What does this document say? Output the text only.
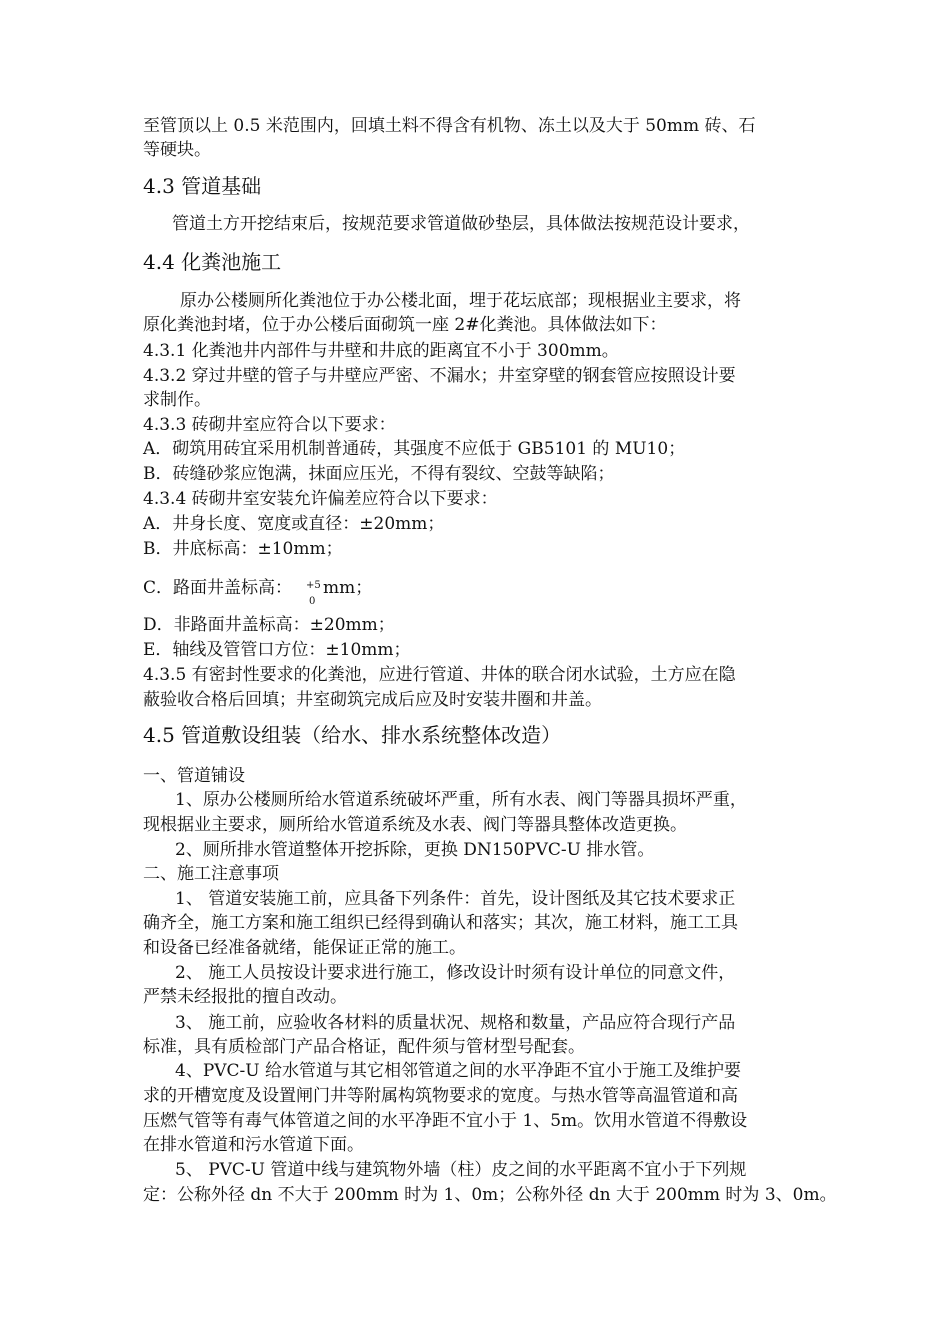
至管顶以上 0.5 米范围内，回填土料不得含有机物、冻土以及大于 50mm 砖、石
等硬块。
4.3 管道基础
管道土方开挖结束后，按规范要求管道做砂垫层，具体做法按规范设计要求，
4.4 化粪池施工
原办公楼厕所化粪池位于办公楼北面，埋于花坛底部；现根据业主要求，将
原化粪池封堵，位于办公楼后面砌筑一座 2#化粪池。具体做法如下：
4.3.1 化粪池井内部件与井壁和井底的距离宜不小于 300mm。
4.3.2 穿过井壁的管子与井壁应严密、不漏水；井室穿壁的钢套管应按照设计要
求制作。
4.3.3 砖砌井室应符合以下要求：
A．砌筑用砖宜采用机制普通砖，其强度不应低于 GB5101 的 MU10；
B．砖缝砂浆应饱满，抹面应压光，不得有裂纹、空鼓等缺陷；
4.3.4 砖砌井室安装允许偏差应符合以下要求：
A．井身长度、宽度或直径：±20mm；
B．井底标高：±10mm；
C．路面井盖标高：	+5
0
mm；
D．非路面井盖标高：±20mm；
E．轴线及管管口方位：±10mm；
4.3.5 有密封性要求的化粪池，应进行管道、井体的联合闭水试验，土方应在隐
蔽验收合格后回填；井室砌筑完成后应及时安装井圈和井盖。
4.5 管道敷设组装（给水、排水系统整体改造）
一、管道铺设
1、原办公楼厕所给水管道系统破坏严重，所有水表、阀门等器具损坏严重，
现根据业主要求，厕所给水管道系统及水表、阀门等器具整体改造更换。
2、厕所排水管道整体开挖拆除，更换 DN150PVC-U 排水管。
二、施工注意事项
1、 管道安装施工前，应具备下列条件：首先，设计图纸及其它技术要求正
确齐全，施工方案和施工组织已经得到确认和落实；其次，施工材料，施工工具
和设备已经准备就绪，能保证正常的施工。
2、 施工人员按设计要求进行施工，修改设计时须有设计单位的同意文件，
严禁未经报批的擅自改动。
3、 施工前，应验收各材料的质量状况、规格和数量，产品应符合现行产品
标准，具有质检部门产品合格证，配件须与管材型号配套。
4、PVC-U 给水管道与其它相邻管道之间的水平净距不宜小于施工及维护要
求的开槽宽度及设置闸门井等附属构筑物要求的宽度。与热水管等高温管道和高
压燃气管等有毒气体管道之间的水平净距不宜小于 1、5m。饮用水管道不得敷设
在排水管道和污水管道下面。
5、 PVC-U 管道中线与建筑物外墙（柱）皮之间的水平距离不宜小于下列规
定：公称外径 dn 不大于 200mm 时为 1、0m；公称外径 dn 大于 200mm 时为 3、0m。
